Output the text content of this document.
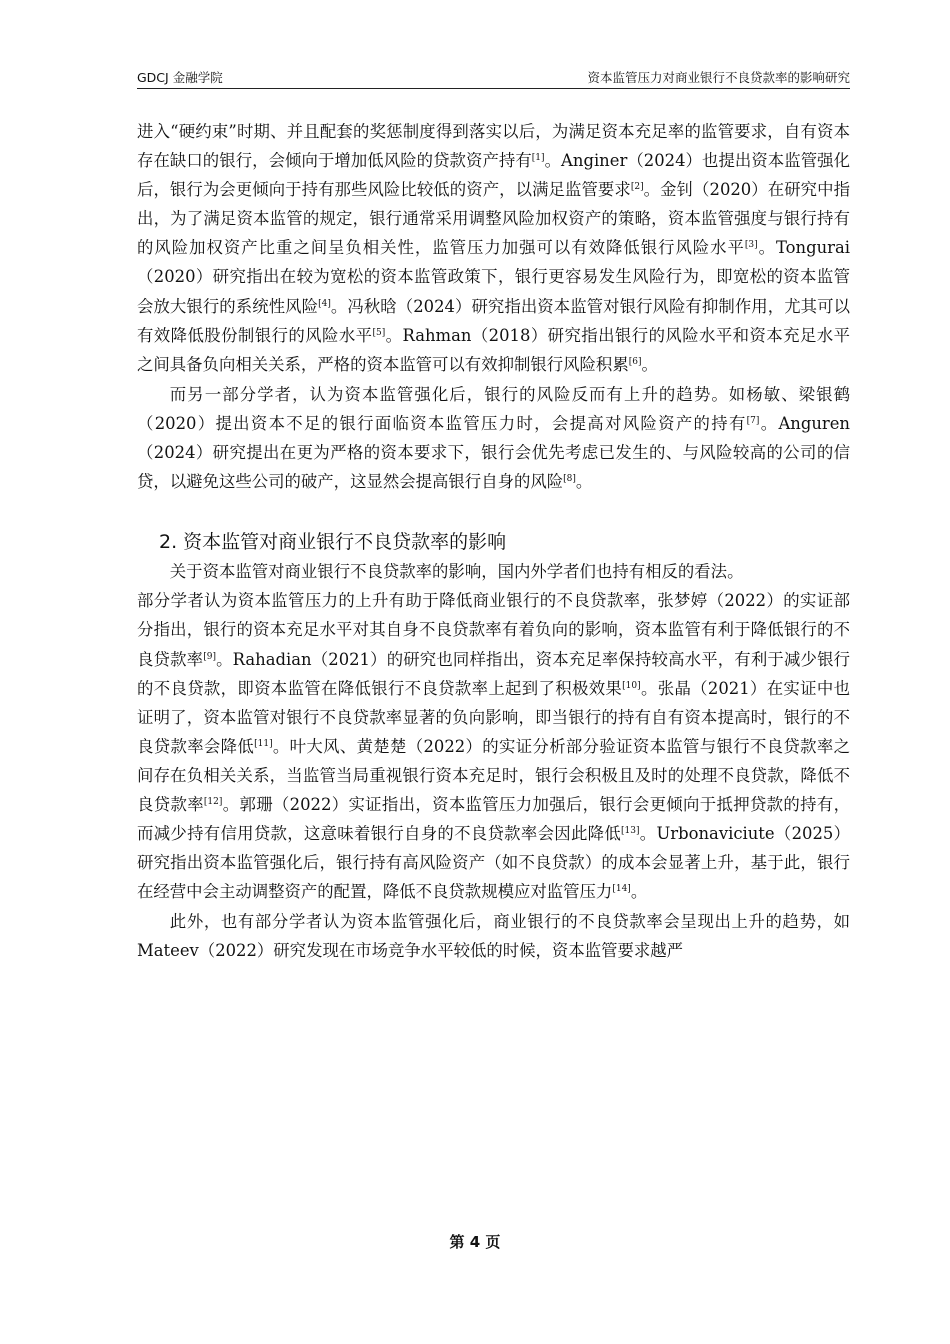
GDCJ 金融学院	资本监管压力对商业银行不良贷款率的影响研究

进入“硬约束”时期、并且配套的奖惩制度得到落实以后，为满足资本充足率的监管要求，自有资本存在缺口的银行，会倾向于增加低风险的贷款资产持有[1]。Anginer（2024）也提出资本监管强化后，银行为会更倾向于持有那些风险比较低的资产，以满足监管要求[2]。金钊（2020）在研究中指出，为了满足资本监管的规定，银行通常采用调整风险加权资产的策略，资本监管强度与银行持有的风险加权资产比重之间呈负相关性，监管压力加强可以有效降低银行风险水平[3]。Tongurai（2020）研究指出在较为宽松的资本监管政策下，银行更容易发生风险行为，即宽松的资本监管会放大银行的系统性风险[4]。冯秋晗（2024）研究指出资本监管对银行风险有抑制作用，尤其可以有效降低股份制银行的风险水平[5]。Rahman（2018）研究指出银行的风险水平和资本充足水平之间具备负向相关关系，严格的资本监管可以有效抑制银行风险积累[6]。

而另一部分学者，认为资本监管强化后，银行的风险反而有上升的趋势。如杨敏、梁银鹤（2020）提出资本不足的银行面临资本监管压力时，会提高对风险资产的持有[7]。Anguren（2024）研究提出在更为严格的资本要求下，银行会优先考虑已发生的、与风险较高的公司的信贷，以避免这些公司的破产，这显然会提高银行自身的风险[8]。

2. 资本监管对商业银行不良贷款率的影响

关于资本监管对商业银行不良贷款率的影响，国内外学者们也持有相反的看法。

部分学者认为资本监管压力的上升有助于降低商业银行的不良贷款率，张梦婷（2022）的实证部分指出，银行的资本充足水平对其自身不良贷款率有着负向的影响，资本监管有利于降低银行的不良贷款率[9]。Rahadian（2021）的研究也同样指出，资本充足率保持较高水平，有利于减少银行的不良贷款，即资本监管在降低银行不良贷款率上起到了积极效果[10]。张晶（2021）在实证中也证明了，资本监管对银行不良贷款率显著的负向影响，即当银行的持有自有资本提高时，银行的不良贷款率会降低[11]。叶大风、黄楚楚（2022）的实证分析部分验证资本监管与银行不良贷款率之间存在负相关关系，当监管当局重视银行资本充足时，银行会积极且及时的处理不良贷款，降低不良贷款率[12]。郭珊（2022）实证指出，资本监管压力加强后，银行会更倾向于抵押贷款的持有，而减少持有信用贷款，这意味着银行自身的不良贷款率会因此降低[13]。Urbonaviciute（2025）研究指出资本监管强化后，银行持有高风险资产（如不良贷款）的成本会显著上升，基于此，银行在经营中会主动调整资产的配置，降低不良贷款规模应对监管压力[14]。

此外，也有部分学者认为资本监管强化后，商业银行的不良贷款率会呈现出上升的趋势，如Mateev（2022）研究发现在市场竞争水平较低的时候，资本监管要求越严

第 4 页
